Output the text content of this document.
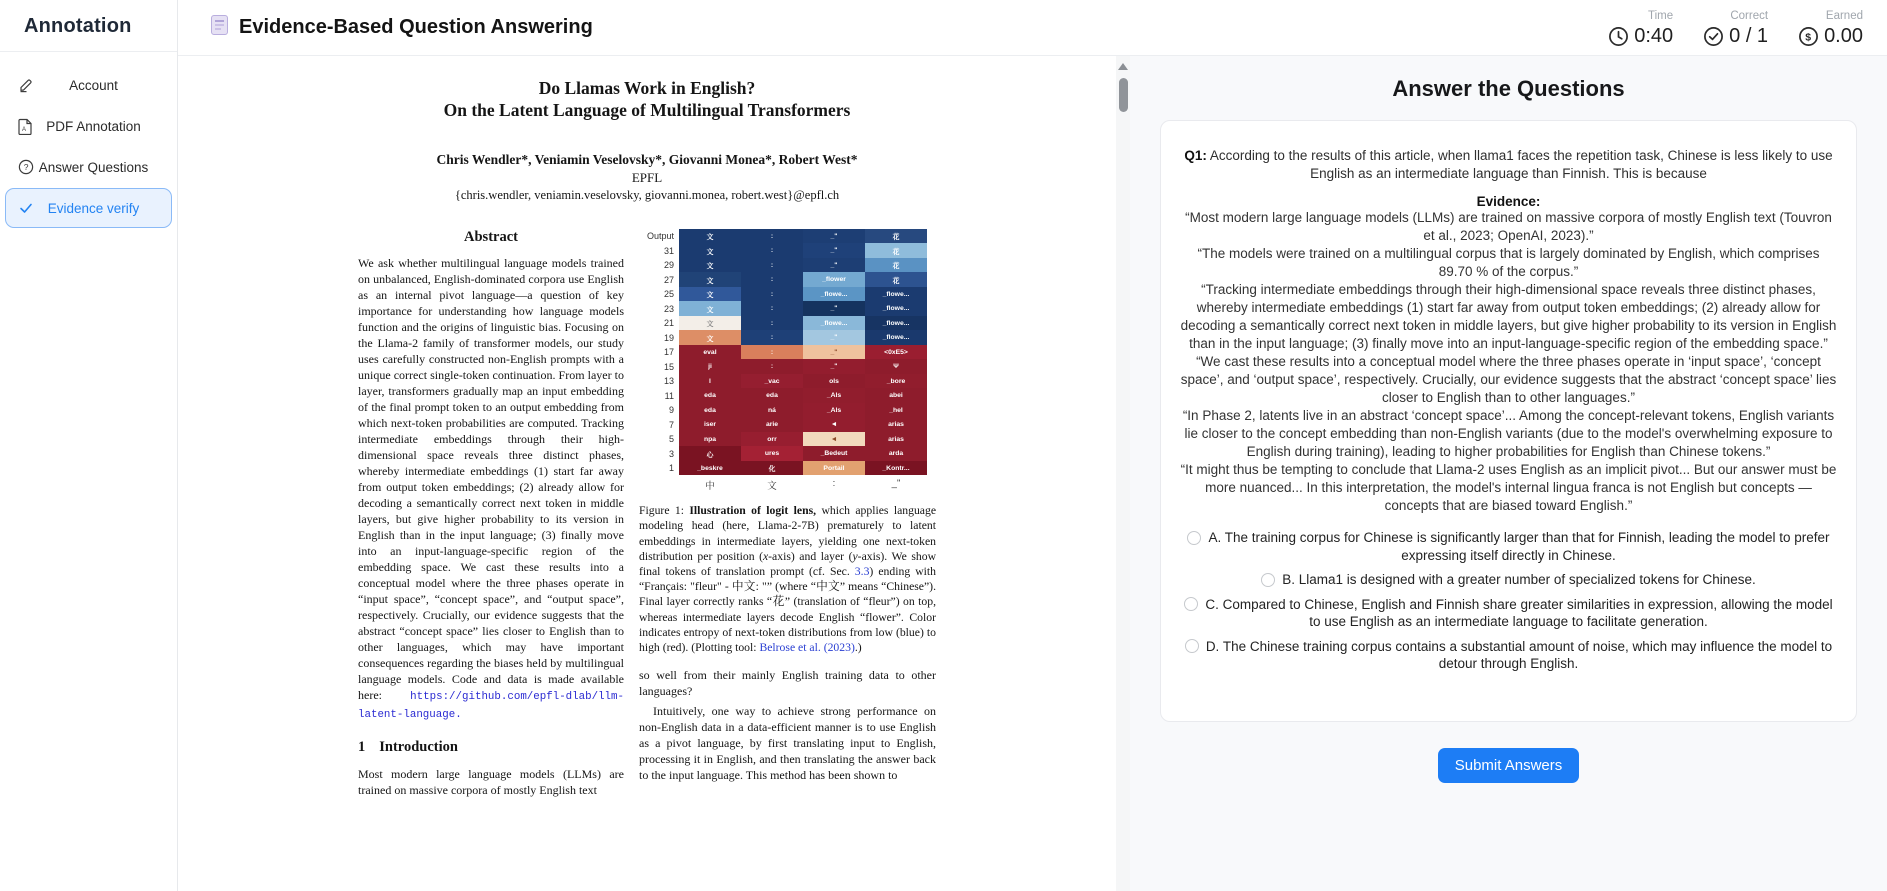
Annotation
Account
A	PDF Annotation
? Answer Questions
Evidence verify
Evidence-Based Question Answering
Time
0:40
Correct
0 / 1
Earned
$ 0.00
Do Llamas Work in English?
On the Latent Language of Multilingual Transformers
Chris Wendler*, Veniamin Veselovsky*, Giovanni Monea*, Robert West*
EPFL
{chris.wendler, veniamin.veselovsky, giovanni.monea, robert.west}@epfl.ch
Abstract
We ask whether multilingual language models trained on unbalanced, English-dominated corpora use English as an internal pivot language—a question of key importance for understanding how language models function and the origins of linguistic bias. Focusing on the Llama-2 family of transformer models, our study uses carefully constructed non-English prompts with a unique correct single-token continuation. From layer to layer, transformers gradually map an input embedding of the final prompt token to an output embedding from which next-token probabilities are computed. Tracking intermediate embeddings through their high-dimensional space reveals three distinct phases, whereby intermediate embeddings (1) start far away from output token embeddings; (2) already allow for decoding a semantically correct next token in middle layers, but give higher probability to its version in English than in the input language; (3) finally move into an input-language-specific region of the embedding space. We cast these results into a conceptual model where the three phases operate in “input space”, “concept space”, and “output space”, respectively. Crucially, our evidence suggests that the abstract “concept space” lies closer to English than to other languages, which may have important consequences regarding the biases held by multilingual language models. Code and data is made available here: https://github.com/epfl-dlab/llm-latent-language.
1 Introduction
Most modern large language models (LLMs) are trained on massive corpora of mostly English text
Output	文	:	_"	花
31	文	:	_"	花
29	文	:	_"	花
27	文	:	_flower	花
25	文	:	_flowe...	_flowe...
23	文	:	_"	_flowe...
21	文	:	_flowe...	_flowe...
19	文	:	_"	_flowe...
17	eval	:	_"	<0xE5>
15	ji	:	_"	Ψ
13	l	_vac	ols	_bore
11	eda	eda	_Als	abei
9	eda	ná	_Als	_hel
7	iser	arie	◄	arias
5	npa	orr	◄	arias
3	心	ures	_Bedeut	arda
1	_beskre	化	Portail	_Kontr...
中	文	:	_"
Figure 1: Illustration of logit lens, which applies language modeling head (here, Llama-2-7B) prematurely to latent embeddings in intermediate layers, yielding one next-token distribution per position (x-axis) and layer (y-axis). We show final tokens of translation prompt (cf. Sec. 3.3) ending with “Français: "fleur" - 中文: "” (where “中文” means “Chinese”). Final layer correctly ranks “花” (translation of “fleur”) on top, whereas intermediate layers decode English “flower”. Color indicates entropy of next-token distributions from low (blue) to high (red). (Plotting tool: Belrose et al. (2023).)
so well from their mainly English training data to other languages?
Intuitively, one way to achieve strong performance on non-English data in a data-efficient manner is to use English as a pivot language, by first translating input to English, processing it in English, and then translating the answer back to the input language. This method has been shown to
Answer the Questions
Q1: According to the results of this article, when llama1 faces the repetition task, Chinese is less likely to use English as an intermediate language than Finnish. This is because
Evidence:
“Most modern large language models (LLMs) are trained on massive corpora of mostly English text (Touvron et al., 2023; OpenAI, 2023).”
“The models were trained on a multilingual corpus that is largely dominated by English, which comprises 89.70 % of the corpus.”
“Tracking intermediate embeddings through their high-dimensional space reveals three distinct phases, whereby intermediate embeddings (1) start far away from output token embeddings; (2) already allow for decoding a semantically correct next token in middle layers, but give higher probability to its version in English than in the input language; (3) finally move into an input-language-specific region of the embedding space.”
“We cast these results into a conceptual model where the three phases operate in ‘input space’, ‘concept space’, and ‘output space’, respectively. Crucially, our evidence suggests that the abstract ‘concept space’ lies closer to English than to other languages.”
“In Phase 2, latents live in an abstract ‘concept space’... Among the concept-relevant tokens, English variants lie closer to the concept embedding than non-English variants (due to the model's overwhelming exposure to English during training), leading to higher probabilities for English than Chinese tokens.”
“It might thus be tempting to conclude that Llama-2 uses English as an implicit pivot... But our answer must be more nuanced... In this interpretation, the model's internal lingua franca is not English but concepts — concepts that are biased toward English.”
A. The training corpus for Chinese is significantly larger than that for Finnish, leading the model to prefer expressing itself directly in Chinese.
B. Llama1 is designed with a greater number of specialized tokens for Chinese.
C. Compared to Chinese, English and Finnish share greater similarities in expression, allowing the model to use English as an intermediate language to facilitate generation.
D. The Chinese training corpus contains a substantial amount of noise, which may influence the model to detour through English.
Submit Answers
